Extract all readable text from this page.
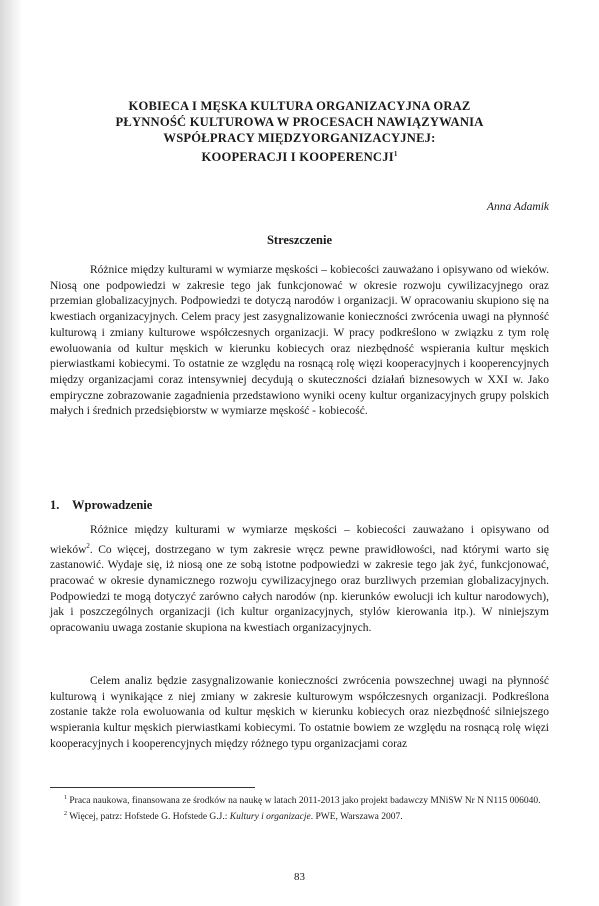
KOBIECA I MĘSKA KULTURA ORGANIZACYJNA ORAZ
PŁYNNOŚĆ KULTUROWA W PROCESACH NAWIĄZYWANIA
WSPÓŁPRACY MIĘDZYORGANIZACYJNEJ:
KOOPERACJI I KOOPERENCJI$^1$
Anna Adamik
Streszczenie

Różnice między kulturami w wymiarze męskości – kobiecości zauważano i opisywano od wieków. Niosą one podpowiedzi w zakresie tego jak funkcjonować w okresie rozwoju cywilizacyjnego oraz przemian globalizacyjnych. Podpowiedzi te dotyczą narodów i organizacji. W opracowaniu skupiono się na kwestiach organizacyjnych. Celem pracy jest zasygnalizowanie konieczności zwrócenia uwagi na płynność kulturową i zmiany kulturowe współczesnych organizacji. W pracy podkreślono w związku z tym rolę ewoluowania od kultur męskich w kierunku kobiecych oraz niezbędność wspierania kultur męskich pierwiastkami kobiecymi. To ostatnie ze względu na rosnącą rolę więzi kooperacyjnych i kooperencyjnych między organizacjami coraz intensywniej decydują o skuteczności działań biznesowych w XXI w. Jako empiryczne zobrazowanie zagadnienia przedstawiono wyniki oceny kultur organizacyjnych grupy polskich małych i średnich przedsiębiorstw w wymiarze męskość - kobiecość.

1. Wprowadzenie

Różnice między kulturami w wymiarze męskości – kobiecości zauważano i opisywano od wieków$^2$. Co więcej, dostrzegano w tym zakresie wręcz pewne prawidłowości, nad którymi warto się zastanowić. Wydaje się, iż niosą one ze sobą istotne podpowiedzi w zakresie tego jak żyć, funkcjonować, pracować w okresie dynamicznego rozwoju cywilizacyjnego oraz burzliwych przemian globalizacyjnych. Podpowiedzi te mogą dotyczyć zarówno całych narodów (np. kierunków ewolucji ich kultur narodowych), jak i poszczególnych organizacji (ich kultur organizacyjnych, stylów kierowania itp.). W niniejszym opracowaniu uwaga zostanie skupiona na kwestiach organizacyjnych.

Celem analiz będzie zasygnalizowanie konieczności zwrócenia powszechnej uwagi na płynność kulturową i wynikające z niej zmiany w zakresie kulturowym współczesnych organizacji. Podkreślona zostanie także rola ewoluowania od kultur męskich w kierunku kobiecych oraz niezbędność silniejszego wspierania kultur męskich pierwiastkami kobiecymi. To ostatnie bowiem ze względu na rosnącą rolę więzi kooperacyjnych i kooperencyjnych między różnego typu organizacjami coraz

$^1$ Praca naukowa, finansowana ze środków na naukę w latach 2011-2013 jako projekt badawczy MNiSW Nr N N115 006040.

$^2$ Więcej, patrz: Hofstede G. Hofstede G.J.: Kultury i organizacje. PWE, Warszawa 2007.

83
